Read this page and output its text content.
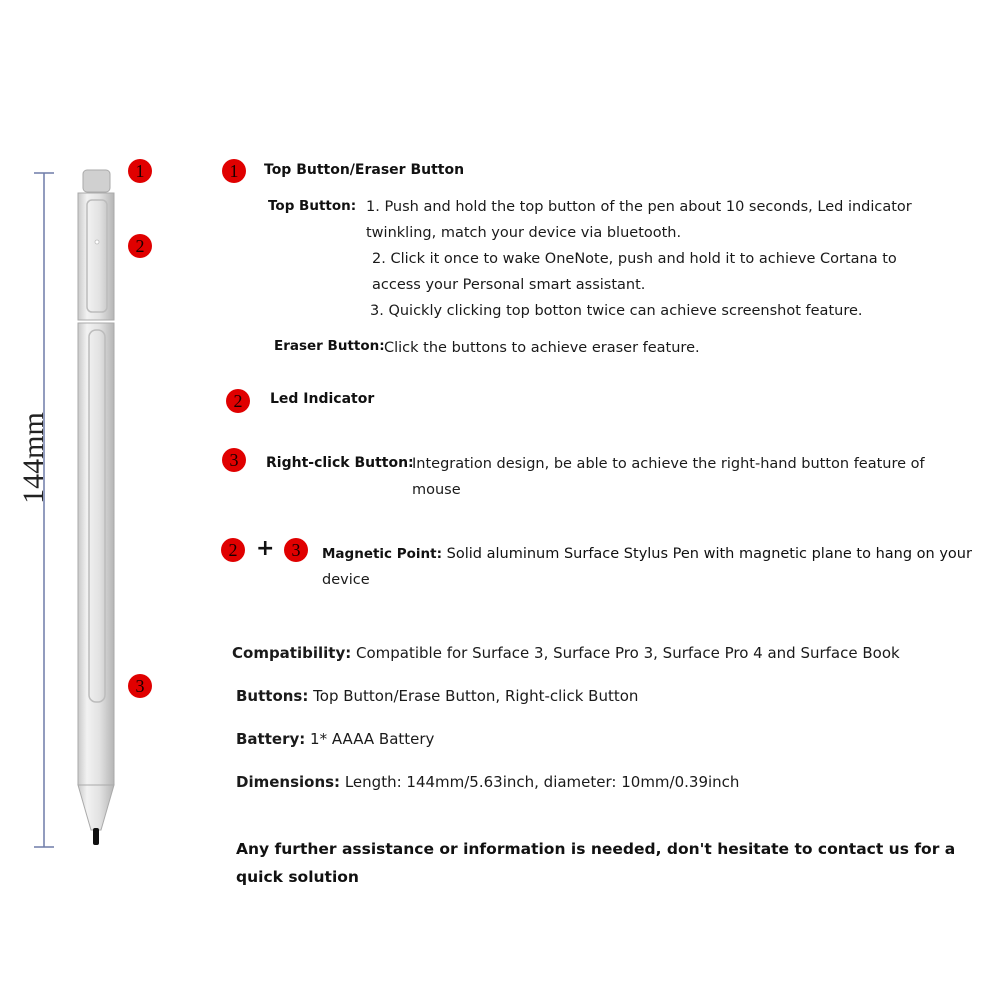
144mm
1
2
3
1	Top Button/Eraser Button
Top Button: 1. Push and hold the top button of the pen about 10 seconds, Led indicator
twinkling, match your device via bluetooth.
2. Click it once to wake OneNote, push and hold it to achieve Cortana to
access your Personal smart assistant.
3. Quickly clicking top botton twice can achieve screenshot feature.
Eraser Button: Click the buttons to achieve eraser feature.
2	Led Indicator
3	Right-click Button:
Integration design, be able to achieve the right-hand button feature of
mouse
2 + 3	Magnetic Point: Solid aluminum Surface Stylus Pen with magnetic plane to hang on your
device
Compatibility: Compatible for Surface 3, Surface Pro 3, Surface Pro 4 and Surface Book
Buttons: Top Button/Erase Button, Right-click Button
Battery: 1* AAAA Battery
Dimensions: Length: 144mm/5.63inch, diameter: 10mm/0.39inch
Any further assistance or information is needed, don't hesitate to contact us for a
quick solution
